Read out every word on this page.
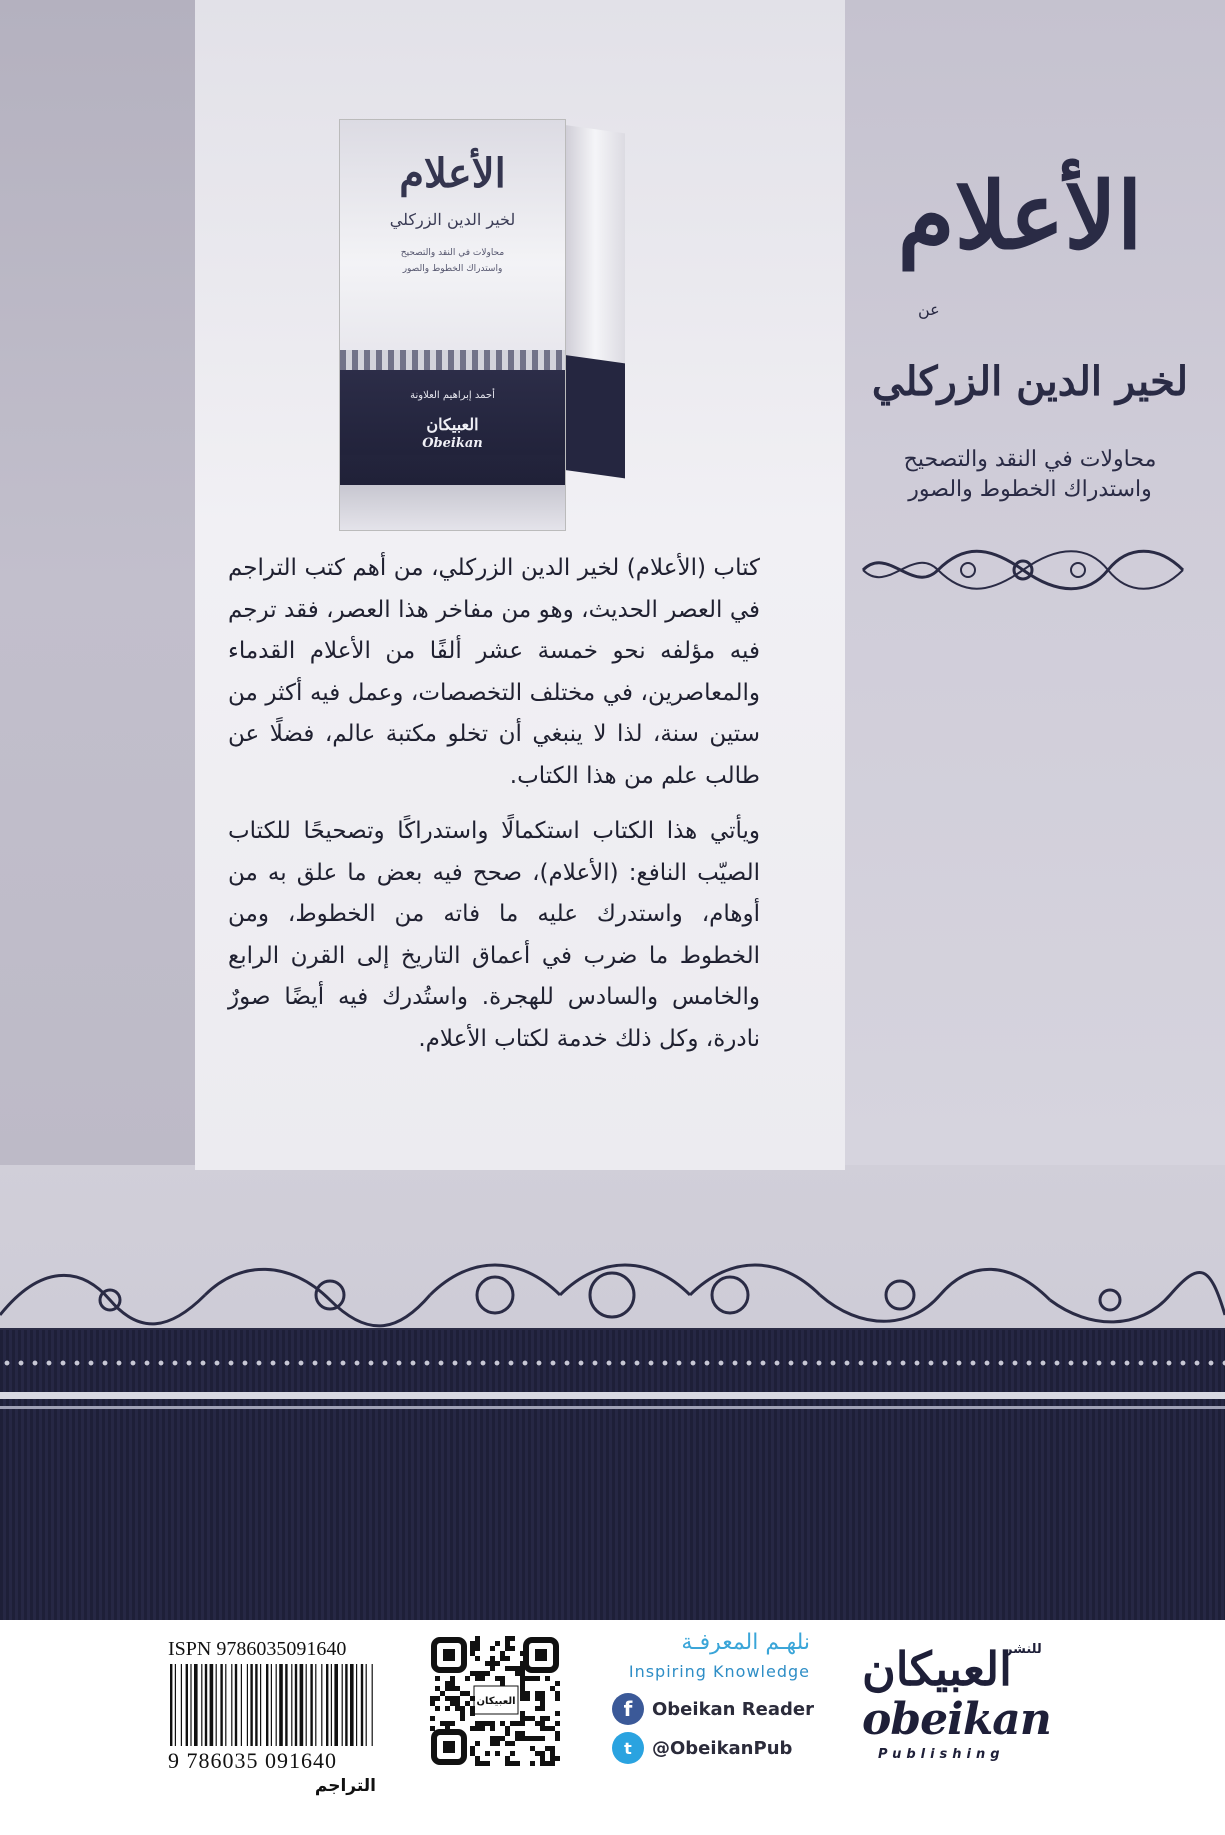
الأعلام
لخير الدين الزركلي
محاولات في النقد والتصحيح
واستدراك الخطوط والصور
أحمد إبراهيم العلاونة
العبيكان
Obeikan
الأعلام
عن
لخير الدين الزركلي
محاولات في النقد والتصحيح
واستدراك الخطوط والصور

كتاب (الأعلام) لخير الدين الزركلي، من أهم كتب التراجم في العصر الحديث، وهو من مفاخر هذا العصر، فقد ترجم فيه مؤلفه نحو خمسة عشر ألفًا من الأعلام القدماء والمعاصرين، في مختلف التخصصات، وعمل فيه أكثر من ستين سنة، لذا لا ينبغي أن تخلو مكتبة عالم، فضلًا عن طالب علم من هذا الكتاب.

ويأتي هذا الكتاب استكمالًا واستدراكًا وتصحيحًا للكتاب الصيّب النافع: (الأعلام)، صحح فيه بعض ما علق به من أوهام، واستدرك عليه ما فاته من الخطوط، ومن الخطوط ما ضرب في أعماق التاريخ إلى القرن الرابع والخامس والسادس للهجرة. واستُدرك فيه أيضًا صورٌ نادرة، وكل ذلك خدمة لكتاب الأعلام.

ISPN 9786035091640
9 786035 091640
التراجم
العبيكان
نلهـم المعرفـة
Inspiring Knowledge
f	Obeikan Reader
t	@ObeikanPub
للنشر
العبيكان
obeikan
Publishing
